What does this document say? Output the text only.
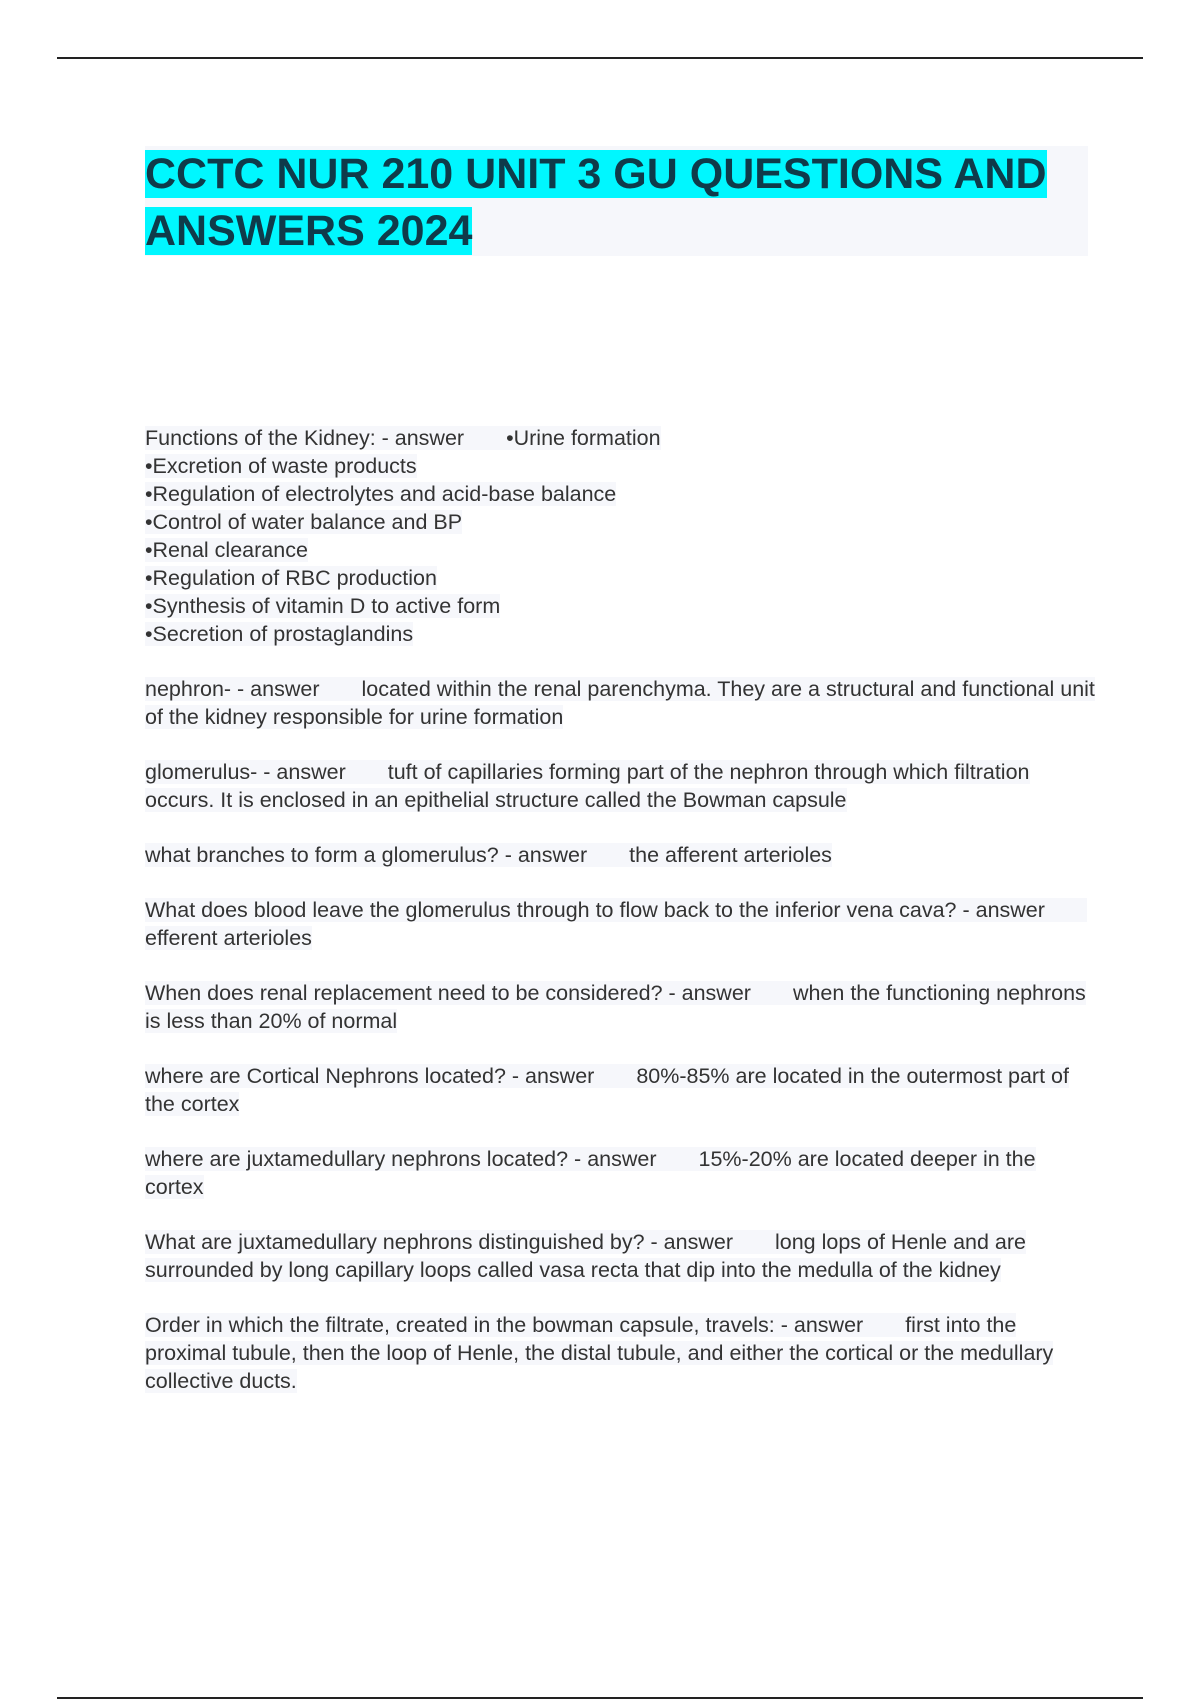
CCTC NUR 210 UNIT 3 GU QUESTIONS AND ANSWERS 2024
Functions of the Kidney: - answer •Urine formation
•Excretion of waste products
•Regulation of electrolytes and acid-base balance
•Control of water balance and BP
•Renal clearance
•Regulation of RBC production
•Synthesis of vitamin D to active form
•Secretion of prostaglandins

nephron- - answer located within the renal parenchyma. They are a structural and functional unit of the kidney responsible for urine formation

glomerulus- - answer tuft of capillaries forming part of the nephron through which filtration occurs. It is enclosed in an epithelial structure called the Bowman capsule

what branches to form a glomerulus? - answer the afferent arterioles

What does blood leave the glomerulus through to flow back to the inferior vena cava? - answerefferent arterioles

When does renal replacement need to be considered? - answer when the functioning nephrons is less than 20% of normal

where are Cortical Nephrons located? - answer 80%-85% are located in the outermost part of the cortex

where are juxtamedullary nephrons located? - answer 15%-20% are located deeper in the cortex

What are juxtamedullary nephrons distinguished by? - answer long lops of Henle and are surrounded by long capillary loops called vasa recta that dip into the medulla of the kidney

Order in which the filtrate, created in the bowman capsule, travels: - answer first into the proximal tubule, then the loop of Henle, the distal tubule, and either the cortical or the medullary collective ducts.
